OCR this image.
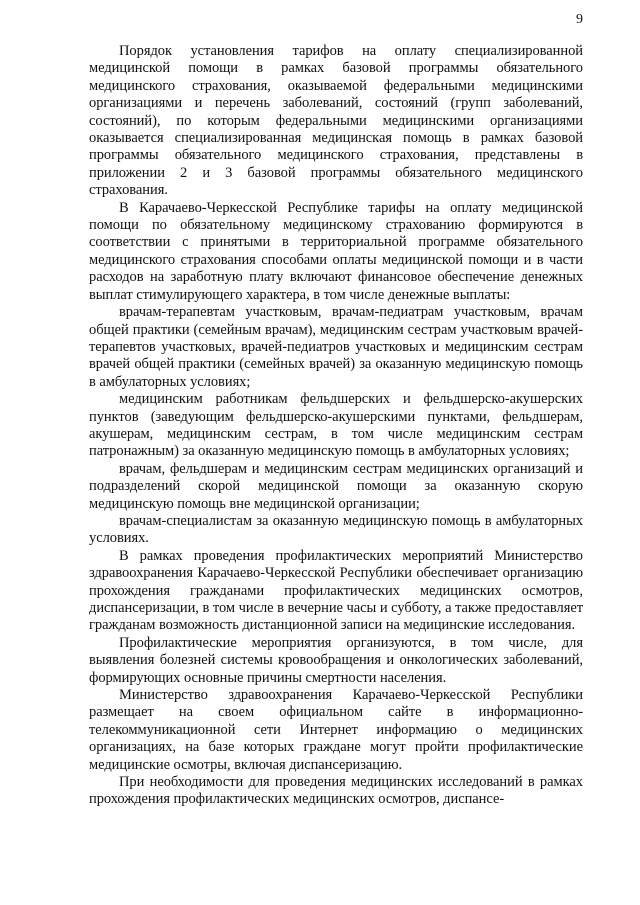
9

Порядок установления тарифов на оплату специализированной медицинской помощи в рамках базовой программы обязательного медицинского страхования, оказываемой федеральными медицинскими организациями и перечень заболеваний, состояний (групп заболеваний, состояний), по которым федеральными медицинскими организациями оказывается специализированная медицинская помощь в рамках базовой программы обязательного медицинского страхования, представлены в приложении 2 и 3 базовой программы обязательного медицинского страхования.

В Карачаево-Черкесской Республике тарифы на оплату медицинской помощи по обязательному медицинскому страхованию формируются в соответствии с принятыми в территориальной программе обязательного медицинского страхования способами оплаты медицинской помощи и в части расходов на заработную плату включают финансовое обеспечение денежных выплат стимулирующего характера, в том числе денежные выплаты:

врачам-терапевтам участковым, врачам-педиатрам участковым, врачам общей практики (семейным врачам), медицинским сестрам участковым врачей-терапевтов участковых, врачей-педиатров участковых и медицинским сестрам врачей общей практики (семейных врачей) за оказанную медицинскую помощь в амбулаторных условиях;

медицинским работникам фельдшерских и фельдшерско-акушерских пунктов (заведующим фельдшерско-акушерскими пунктами, фельдшерам, акушерам, медицинским сестрам, в том числе медицинским сестрам патронажным) за оказанную медицинскую помощь в амбулаторных условиях;

врачам, фельдшерам и медицинским сестрам медицинских организаций и подразделений скорой медицинской помощи за оказанную скорую медицинскую помощь вне медицинской организации;

врачам-специалистам за оказанную медицинскую помощь в амбулаторных условиях.

В рамках проведения профилактических мероприятий Министерство здравоохранения Карачаево-Черкесской Республики обеспечивает организацию прохождения гражданами профилактических медицинских осмотров, диспансеризации, в том числе в вечерние часы и субботу, а также предоставляет гражданам возможность дистанционной записи на медицинские исследования.

Профилактические мероприятия организуются, в том числе, для выявления болезней системы кровообращения и онкологических заболеваний, формирующих основные причины смертности населения.

Министерство здравоохранения Карачаево-Черкесской Республики размещает на своем официальном сайте в информационно-телекоммуникационной сети Интернет информацию о медицинских организациях, на базе которых граждане могут пройти профилактические медицинские осмотры, включая диспансеризацию.

При необходимости для проведения медицинских исследований в рамках прохождения профилактических медицинских осмотров, диспансе-
